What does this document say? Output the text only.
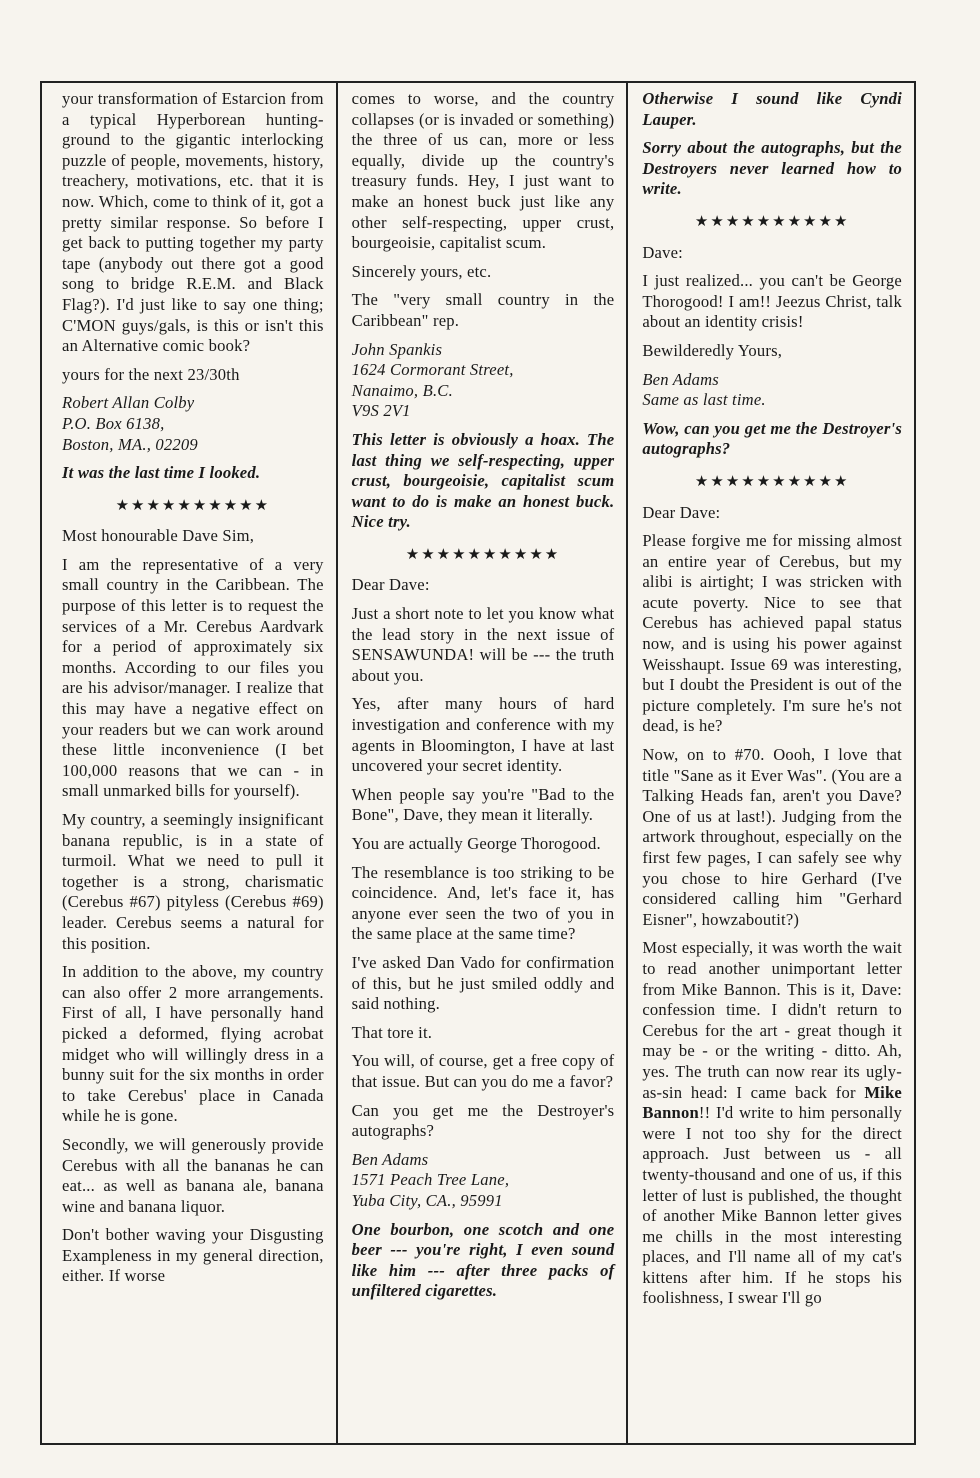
your transformation of Estarcion from a typical Hyperborean hunting-ground to the gigantic interlocking puzzle of people, movements, history, treachery, motivations, etc. that it is now. Which, come to think of it, got a pretty similar response. So before I get back to putting together my party tape (anybody out there got a good song to bridge R.E.M. and Black Flag?). I'd just like to say one thing; C'MON guys/gals, is this or isn't this an Alternative comic book?

yours for the next 23/30th

Robert Allan Colby

P.O. Box 6138,

Boston, MA., 02209

It was the last time I looked.

★★★★★★★★★★

Most honourable Dave Sim,

I am the representative of a very small country in the Caribbean. The purpose of this letter is to request the services of a Mr. Cerebus Aardvark for a period of approximately six months. According to our files you are his advisor/manager. I realize that this may have a negative effect on your readers but we can work around these little inconvenience (I bet 100,000 reasons that we can - in small unmarked bills for yourself).

My country, a seemingly insignificant banana republic, is in a state of turmoil. What we need to pull it together is a strong, charismatic (Cerebus #67) pityless (Cerebus #69) leader. Cerebus seems a natural for this position.

In addition to the above, my country can also offer 2 more arrangements. First of all, I have personally hand picked a deformed, flying acrobat midget who will willingly dress in a bunny suit for the six months in order to take Cerebus' place in Canada while he is gone.

Secondly, we will generously provide Cerebus with all the bananas he can eat... as well as banana ale, banana wine and banana liquor.

Don't bother waving your Disgusting Exampleness in my general direction, either. If worse

comes to worse, and the country collapses (or is invaded or something) the three of us can, more or less equally, divide up the country's treasury funds. Hey, I just want to make an honest buck just like any other self-respecting, upper crust, bourgeoisie, capitalist scum.

Sincerely yours, etc.

The "very small country in the Caribbean" rep.

John Spankis

1624 Cormorant Street,

Nanaimo, B.C.

V9S 2V1

This letter is obviously a hoax. The last thing we self-respecting, upper crust, bourgeoisie, capitalist scum want to do is make an honest buck. Nice try.

★★★★★★★★★★

Dear Dave:

Just a short note to let you know what the lead story in the next issue of SENSAWUNDA! will be --- the truth about you.

Yes, after many hours of hard investigation and conference with my agents in Bloomington, I have at last uncovered your secret identity.

When people say you're "Bad to the Bone", Dave, they mean it literally.

You are actually George Thorogood.

The resemblance is too striking to be coincidence. And, let's face it, has anyone ever seen the two of you in the same place at the same time?

I've asked Dan Vado for confirmation of this, but he just smiled oddly and said nothing.

That tore it.

You will, of course, get a free copy of that issue. But can you do me a favor?

Can you get me the Destroyer's autographs?

Ben Adams

1571 Peach Tree Lane,

Yuba City, CA., 95991

One bourbon, one scotch and one beer --- you're right, I even sound like him --- after three packs of unfiltered cigarettes.

Otherwise I sound like Cyndi Lauper.

Sorry about the autographs, but the Destroyers never learned how to write.

★★★★★★★★★★

Dave:

I just realized... you can't be George Thorogood! I am!! Jeezus Christ, talk about an identity crisis!

Bewilderedly Yours,

Ben Adams

Same as last time.

Wow, can you get me the Destroyer's autographs?

★★★★★★★★★★

Dear Dave:

Please forgive me for missing almost an entire year of Cerebus, but my alibi is airtight; I was stricken with acute poverty. Nice to see that Cerebus has achieved papal status now, and is using his power against Weisshaupt. Issue 69 was interesting, but I doubt the President is out of the picture completely. I'm sure he's not dead, is he?

Now, on to #70. Oooh, I love that title "Sane as it Ever Was". (You are a Talking Heads fan, aren't you Dave? One of us at last!). Judging from the artwork throughout, especially on the first few pages, I can safely see why you chose to hire Gerhard (I've considered calling him "Gerhard Eisner", howzaboutit?)

Most especially, it was worth the wait to read another unimportant letter from Mike Bannon. This is it, Dave: confession time. I didn't return to Cerebus for the art - great though it may be - or the writing - ditto. Ah, yes. The truth can now rear its ugly-as-sin head: I came back for Mike Bannon!! I'd write to him personally were I not too shy for the direct approach. Just between us - all twenty-thousand and one of us, if this letter of lust is published, the thought of another Mike Bannon letter gives me chills in the most interesting places, and I'll name all of my cat's kittens after him. If he stops his foolishness, I swear I'll go
